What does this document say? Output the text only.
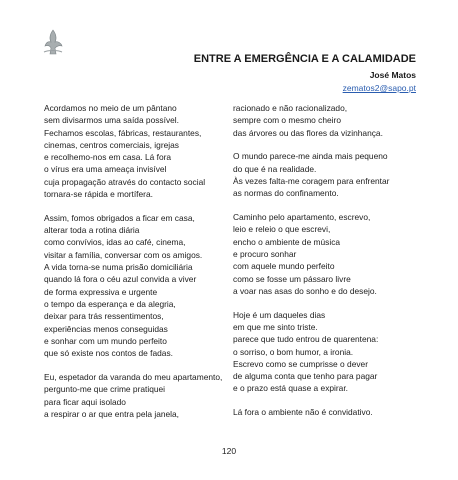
ENTRE A EMERGÊNCIA E A CALAMIDADE
José Matos
zematos2@sapo.pt
Acordamos no meio de um pântano
sem divisarmos uma saída possível.
Fechamos escolas, fábricas, restaurantes,
cinemas, centros comerciais, igrejas
e recolhemo-nos em casa. Lá fora
o vírus era uma ameaça invisível
cuja propagação através do contacto social
tornara-se rápida e mortífera.
Assim, fomos obrigados a ficar em casa,
alterar toda a rotina diária
como convívios, idas ao café, cinema,
visitar a família, conversar com os amigos.
A vida torna-se numa prisão domiciliária
quando lá fora o céu azul convida a viver
de forma expressiva e urgente
o tempo da esperança e da alegria,
deixar para trás ressentimentos,
experiências menos conseguidas
e sonhar com um mundo perfeito
que só existe nos contos de fadas.
Eu, espetador da varanda do meu apartamento,
pergunto-me que crime pratiquei
para ficar aqui isolado
a respirar o ar que entra pela janela,
racionado e não racionalizado,
sempre com o mesmo cheiro
das árvores ou das flores da vizinhança.
O mundo parece-me ainda mais pequeno
do que é na realidade.
Às vezes falta-me coragem para enfrentar
as normas do confinamento.
Caminho pelo apartamento, escrevo,
leio e releio o que escrevi,
encho o ambiente de música
e procuro sonhar
com aquele mundo perfeito
como se fosse um pássaro livre
a voar nas asas do sonho e do desejo.
Hoje é um daqueles dias
em que me sinto triste.
parece que tudo entrou de quarentena:
o sorriso, o bom humor, a ironia.
Escrevo como se cumprisse o dever
de alguma conta que tenho para pagar
e o prazo está quase a expirar.
Lá fora o ambiente não é convidativo.
120
